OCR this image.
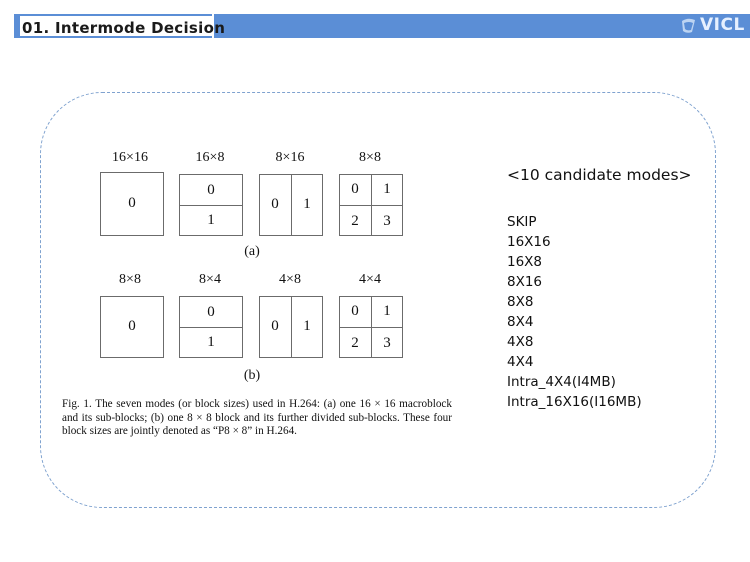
01. Intermode Decision	VICL
16×16	16×8	8×16	8×8
0
0
1
0	1
0	1
2	3
(a)
8×8	8×4	4×8	4×4
0
0
1
0	1
0	1
2	3
(b)

Fig. 1. The seven modes (or block sizes) used in H.264: (a) one 16 × 16 macroblock and its sub-blocks; (b) one 8 × 8 block and its further divided sub-blocks. These four block sizes are jointly denoted as “P8 × 8” in H.264.

<10 candidate modes>
SKIP
16X16
16X8
8X16
8X8
8X4
4X8
4X4
Intra_4X4(I4MB)
Intra_16X16(I16MB)
